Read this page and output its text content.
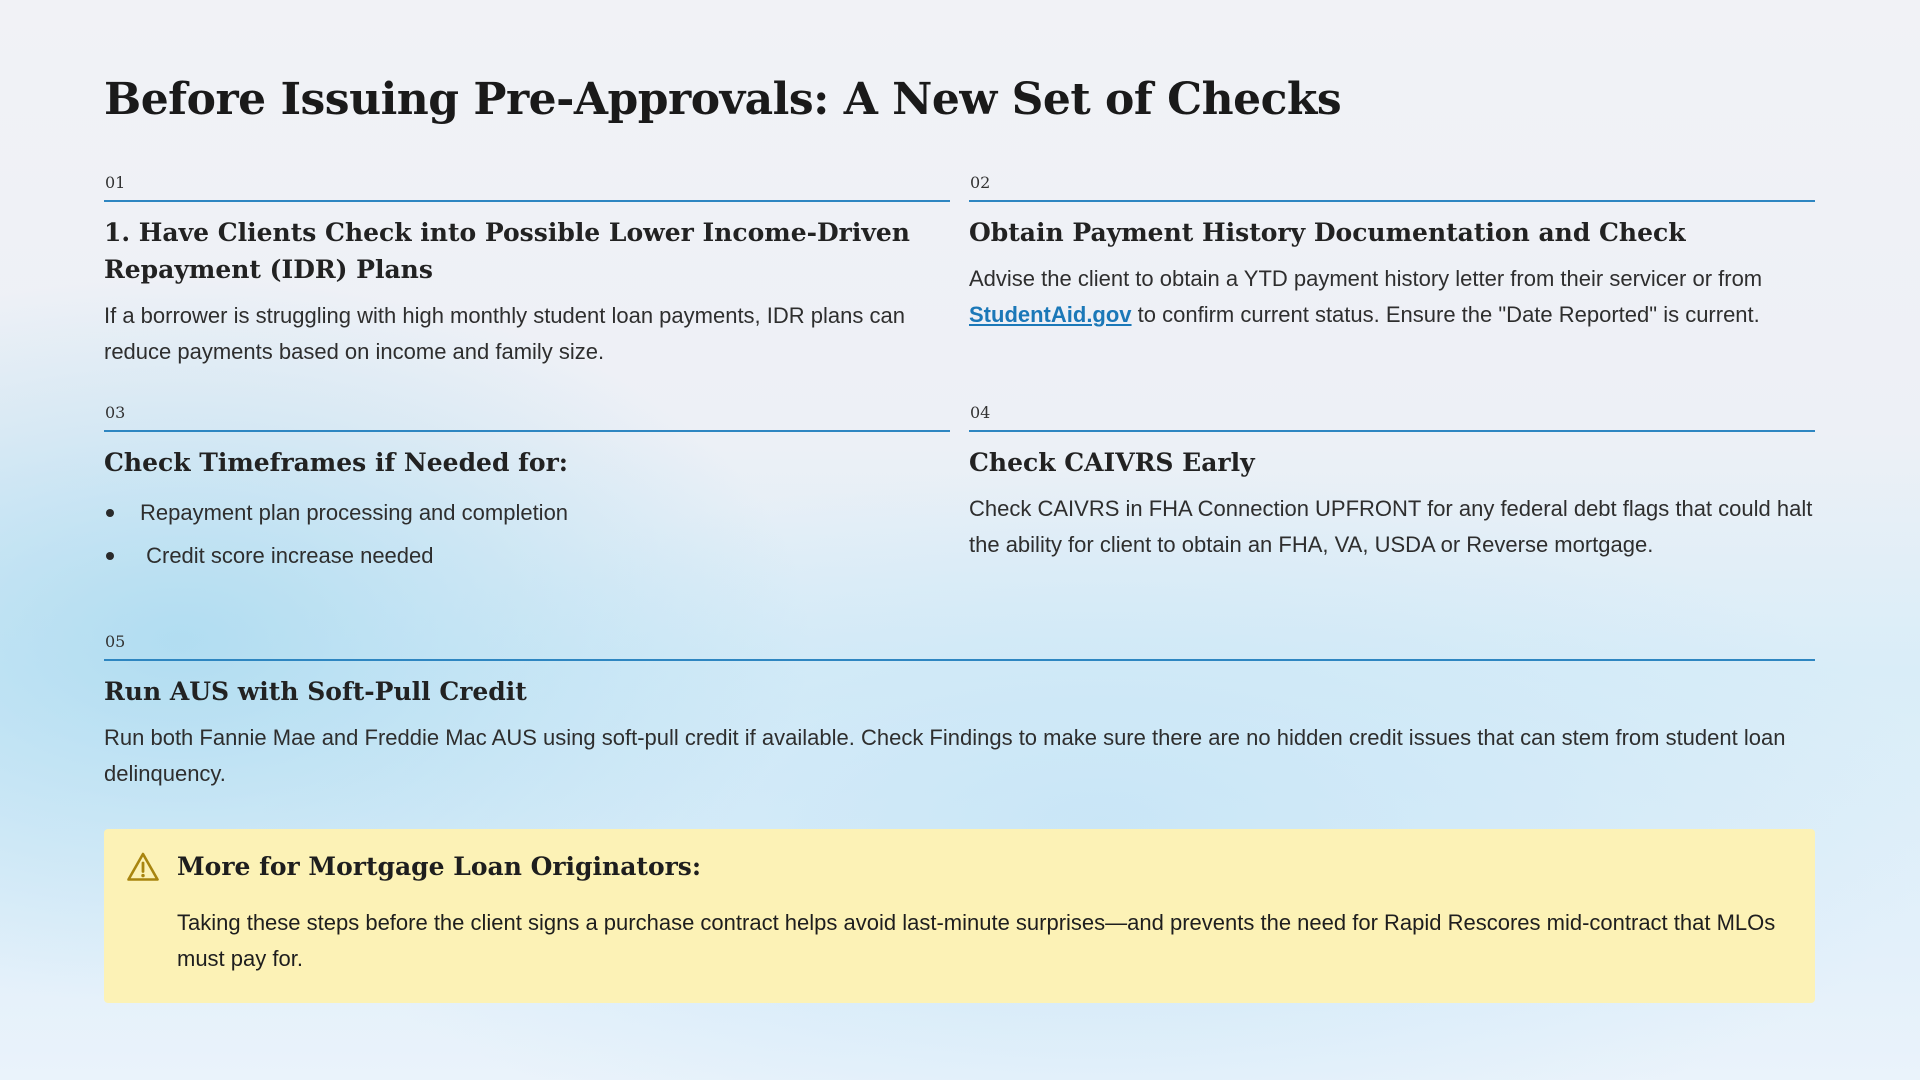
Before Issuing Pre-Approvals: A New Set of Checks
01
1. Have Clients Check into Possible Lower Income-Driven Repayment (IDR) Plans

If a borrower is struggling with high monthly student loan payments, IDR plans can reduce payments based on income and family size.

02
Obtain Payment History Documentation and Check

Advise the client to obtain a YTD payment history letter from their servicer or from StudentAid.gov to confirm current status. Ensure the "Date Reported" is current.

03
Check Timeframes if Needed for:
Repayment plan processing and completion
Credit score increase needed
04
Check CAIVRS Early

Check CAIVRS in FHA Connection UPFRONT for any federal debt flags that could halt the ability for client to obtain an FHA, VA, USDA or Reverse mortgage.

05
Run AUS with Soft-Pull Credit

Run both Fannie Mae and Freddie Mac AUS using soft-pull credit if available. Check Findings to make sure there are no hidden credit issues that can stem from student loan delinquency.

More for Mortgage Loan Originators:

Taking these steps before the client signs a purchase contract helps avoid last-minute surprises—and prevents the need for Rapid Rescores mid-contract that MLOs must pay for.
